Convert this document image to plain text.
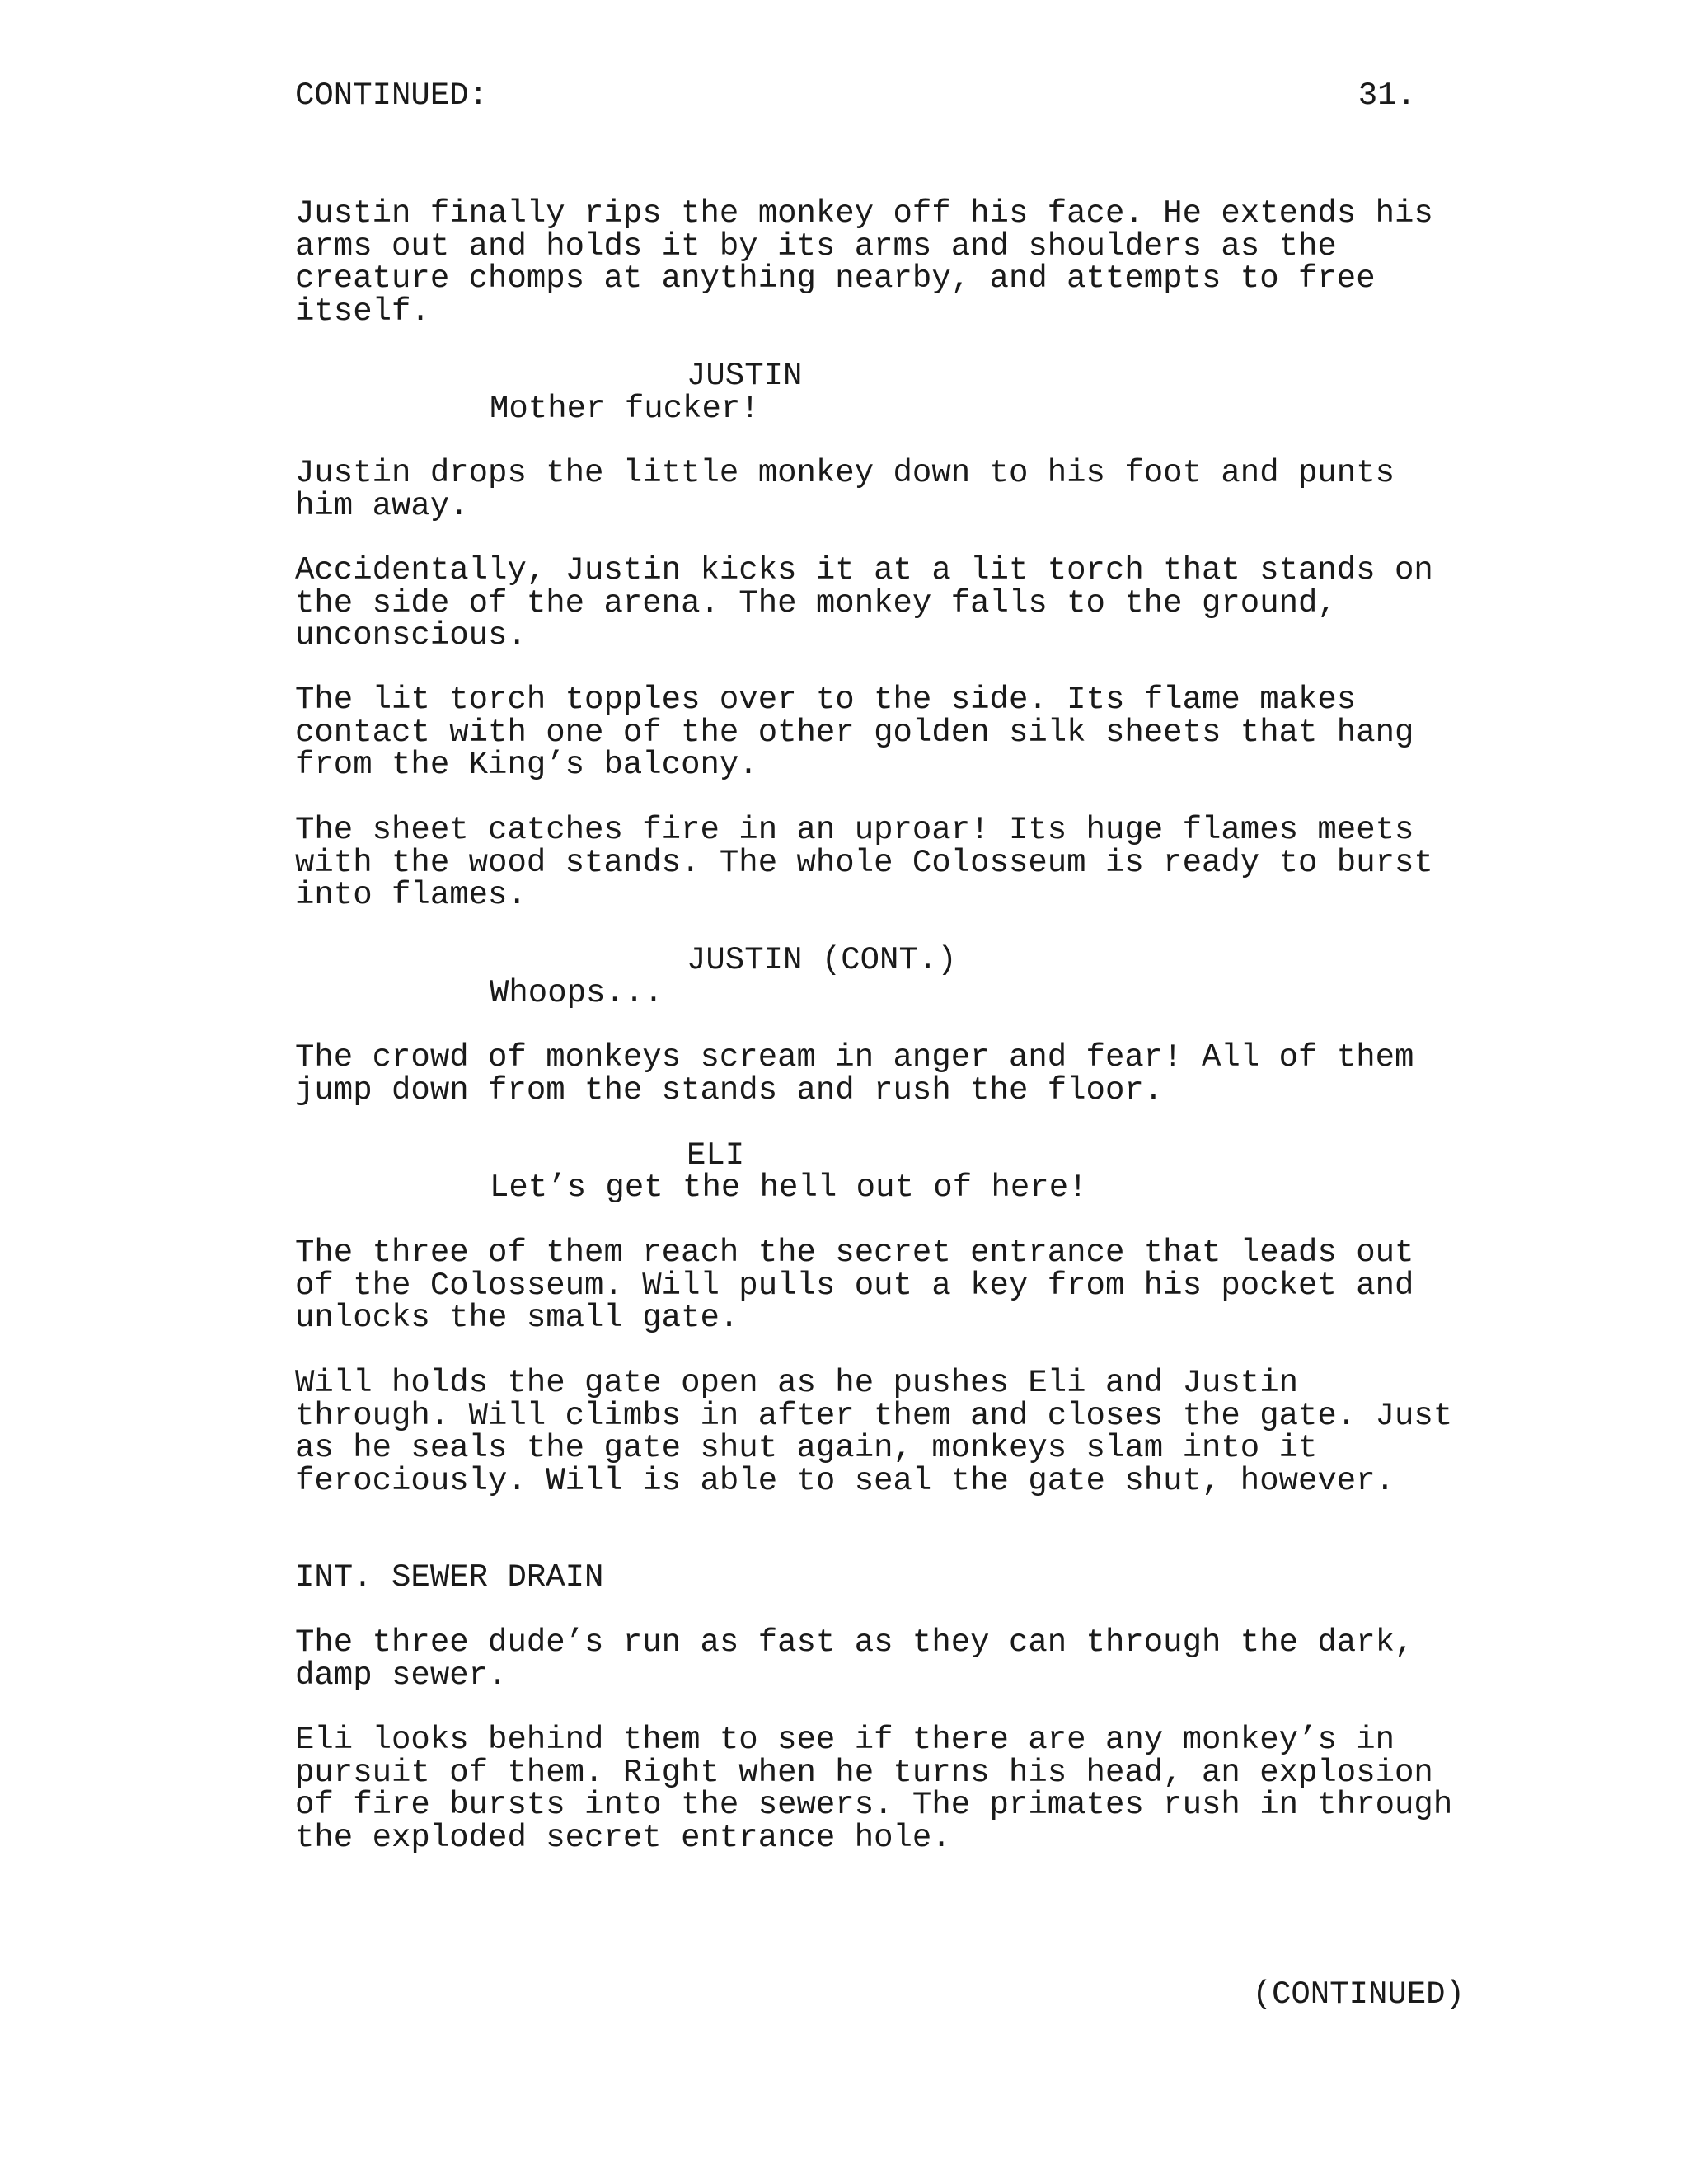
CONTINUED:	31.
Justin finally rips the monkey off his face. He extends his
arms out and holds it by its arms and shoulders as the
creature chomps at anything nearby, and attempts to free
itself.
JUSTIN
Mother fucker!
Justin drops the little monkey down to his foot and punts
him away.
Accidentally, Justin kicks it at a lit torch that stands on
the side of the arena. The monkey falls to the ground,
unconscious.
The lit torch topples over to the side. Its flame makes
contact with one of the other golden silk sheets that hang
from the King’s balcony.
The sheet catches fire in an uproar! Its huge flames meets
with the wood stands. The whole Colosseum is ready to burst
into flames.
JUSTIN (CONT.)
Whoops...
The crowd of monkeys scream in anger and fear! All of them
jump down from the stands and rush the floor.
ELI
Let’s get the hell out of here!
The three of them reach the secret entrance that leads out
of the Colosseum. Will pulls out a key from his pocket and
unlocks the small gate.
Will holds the gate open as he pushes Eli and Justin
through. Will climbs in after them and closes the gate. Just
as he seals the gate shut again, monkeys slam into it
ferociously. Will is able to seal the gate shut, however.
INT. SEWER DRAIN
The three dude’s run as fast as they can through the dark,
damp sewer.
Eli looks behind them to see if there are any monkey’s in
pursuit of them. Right when he turns his head, an explosion
of fire bursts into the sewers. The primates rush in through
the exploded secret entrance hole.
(CONTINUED)
